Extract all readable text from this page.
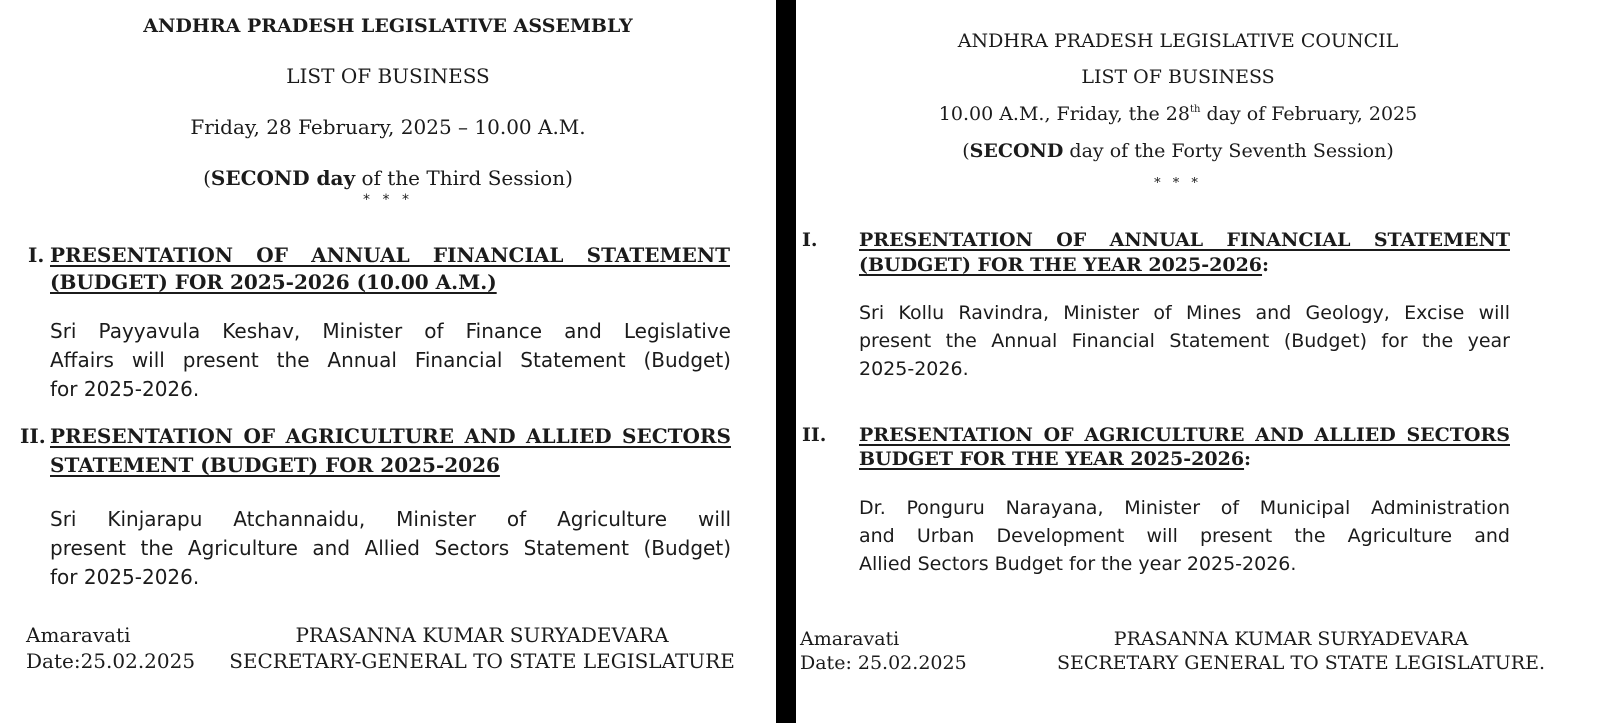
ANDHRA PRADESH LEGISLATIVE ASSEMBLY
LIST OF BUSINESS
Friday, 28 February, 2025 – 10.00 A.M.
(SECOND day of the Third Session)
* * *
I. PRESENTATION OF ANNUAL FINANCIAL STATEMENT
(BUDGET) FOR 2025-2026 (10.00 A.M.)
Sri Payyavula Keshav, Minister of Finance and Legislative
Affairs will present the Annual Financial Statement (Budget)
for 2025-2026.
II. PRESENTATION OF AGRICULTURE AND ALLIED SECTORS
STATEMENT (BUDGET) FOR 2025-2026
Sri Kinjarapu Atchannaidu, Minister of Agriculture will
present the Agriculture and Allied Sectors Statement (Budget)
for 2025-2026.
Amaravati
Date:25.02.2025
PRASANNA KUMAR SURYADEVARA
SECRETARY-GENERAL TO STATE LEGISLATURE
ANDHRA PRADESH LEGISLATIVE COUNCIL
LIST OF BUSINESS
10.00 A.M., Friday, the 28th day of February, 2025
(SECOND day of the Forty Seventh Session)
* * *
I. PRESENTATION OF ANNUAL FINANCIAL STATEMENT
(BUDGET) FOR THE YEAR 2025-2026:
Sri Kollu Ravindra, Minister of Mines and Geology, Excise will
present the Annual Financial Statement (Budget) for the year
2025-2026.
II. PRESENTATION OF AGRICULTURE AND ALLIED SECTORS
BUDGET FOR THE YEAR 2025-2026:
Dr. Ponguru Narayana, Minister of Municipal Administration
and Urban Development will present the Agriculture and
Allied Sectors Budget for the year 2025-2026.
Amaravati
Date: 25.02.2025
PRASANNA KUMAR SURYADEVARA
SECRETARY GENERAL TO STATE LEGISLATURE.
